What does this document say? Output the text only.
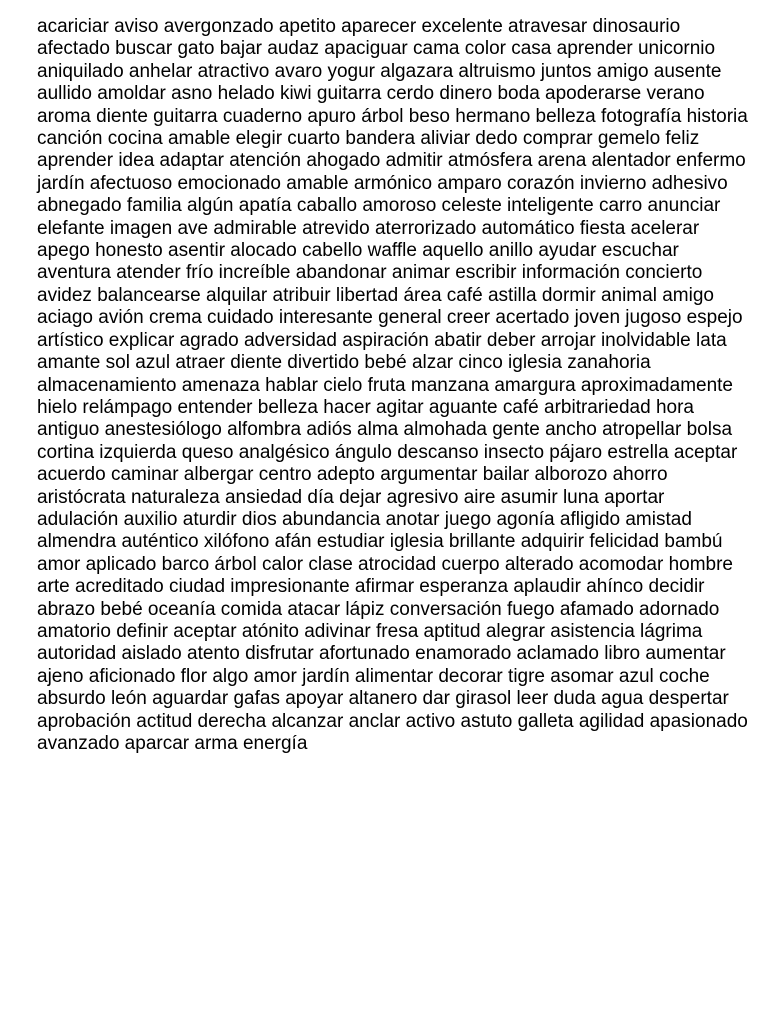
acariciar aviso avergonzado apetito aparecer excelente atravesar dinosaurio
afectado buscar gato bajar audaz apaciguar cama color casa aprender unicornio
aniquilado anhelar atractivo avaro yogur algazara altruismo juntos amigo ausente
aullido amoldar asno helado kiwi guitarra cerdo dinero boda apoderarse verano
aroma diente guitarra cuaderno apuro árbol beso hermano belleza fotografía historia
canción cocina amable elegir cuarto bandera aliviar dedo comprar gemelo feliz
aprender idea adaptar atención ahogado admitir atmósfera arena alentador enfermo
jardín afectuoso emocionado amable armónico amparo corazón invierno adhesivo
abnegado familia algún apatía caballo amoroso celeste inteligente carro anunciar
elefante imagen ave admirable atrevido aterrorizado automático fiesta acelerar
apego honesto asentir alocado cabello waffle aquello anillo ayudar escuchar
aventura atender frío increíble abandonar animar escribir información concierto
avidez balancearse alquilar atribuir libertad área café astilla dormir animal amigo
aciago avión crema cuidado interesante general creer acertado joven jugoso espejo
artístico explicar agrado adversidad aspiración abatir deber arrojar inolvidable lata
amante sol azul atraer diente divertido bebé alzar cinco iglesia zanahoria
almacenamiento amenaza hablar cielo fruta manzana amargura aproximadamente
hielo relámpago entender belleza hacer agitar aguante café arbitrariedad hora
antiguo anestesiólogo alfombra adiós alma almohada gente ancho atropellar bolsa
cortina izquierda queso analgésico ángulo descanso insecto pájaro estrella aceptar
acuerdo caminar albergar centro adepto argumentar bailar alborozo ahorro
aristócrata naturaleza ansiedad día dejar agresivo aire asumir luna aportar
adulación auxilio aturdir dios abundancia anotar juego agonía afligido amistad
almendra auténtico xilófono afán estudiar iglesia brillante adquirir felicidad bambú
amor aplicado barco árbol calor clase atrocidad cuerpo alterado acomodar hombre
arte acreditado ciudad impresionante afirmar esperanza aplaudir ahínco decidir
abrazo bebé oceanía comida atacar lápiz conversación fuego afamado adornado
amatorio definir aceptar atónito adivinar fresa aptitud alegrar asistencia lágrima
autoridad aislado atento disfrutar afortunado enamorado aclamado libro aumentar
ajeno aficionado flor algo amor jardín alimentar decorar tigre asomar azul coche
absurdo león aguardar gafas apoyar altanero dar girasol leer duda agua despertar
aprobación actitud derecha alcanzar anclar activo astuto galleta agilidad apasionado
avanzado aparcar arma energía
